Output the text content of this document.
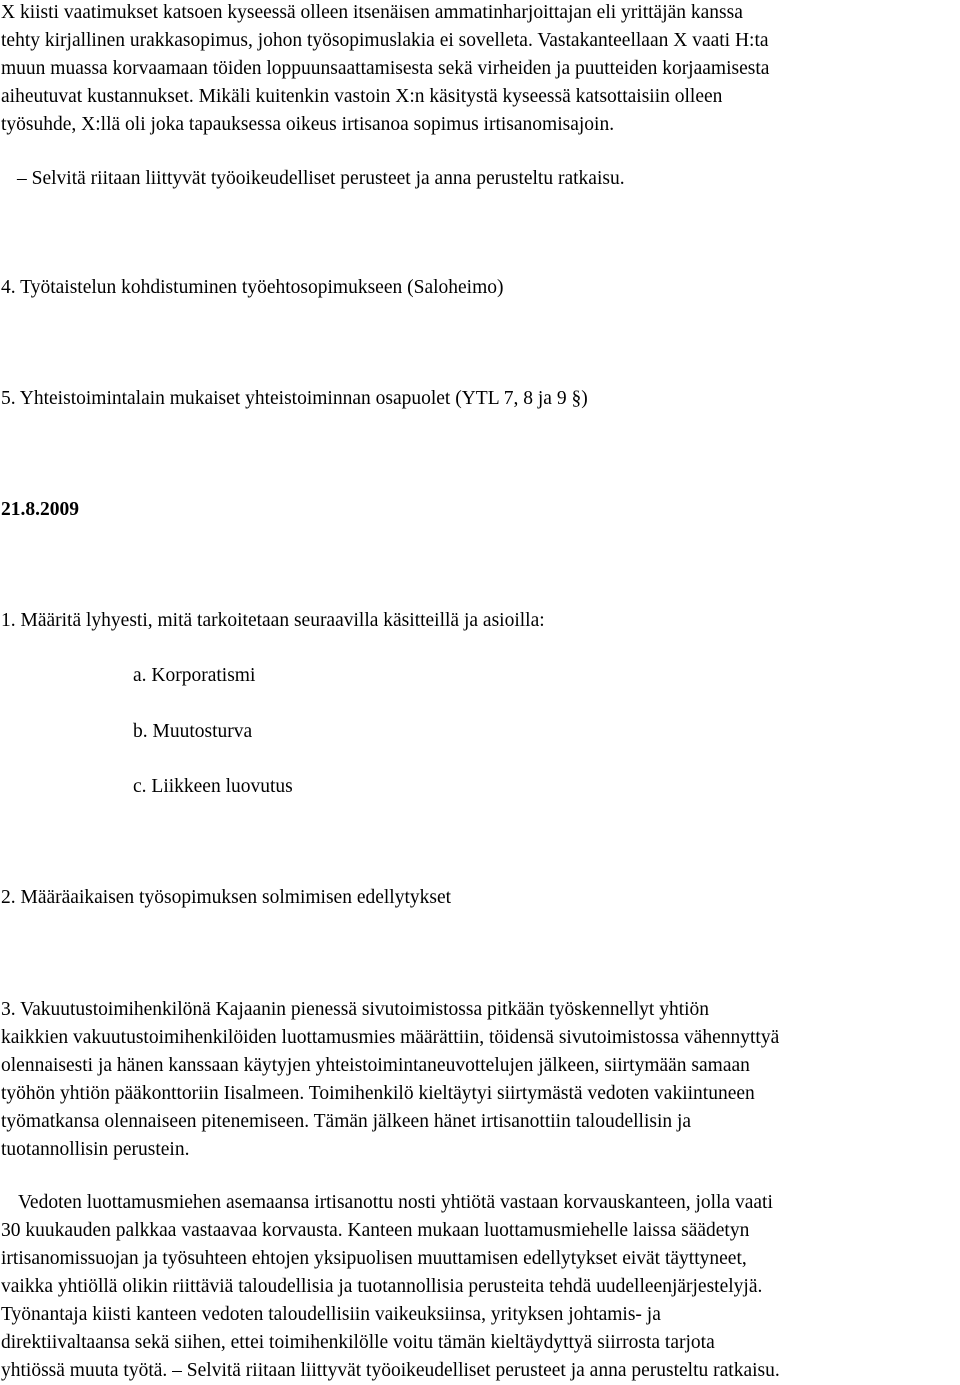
X kiisti vaatimukset katsoen kyseessä olleen itsenäisen ammatinharjoittajan eli yrittäjän kanssa
tehty kirjallinen urakkasopimus, johon työsopimuslakia ei sovelleta. Vastakanteellaan X vaati H:ta
muun muassa korvaamaan töiden loppuunsaattamisesta sekä virheiden ja puutteiden korjaamisesta
aiheutuvat kustannukset. Mikäli kuitenkin vastoin X:n käsitystä kyseessä katsottaisiin olleen
työsuhde, X:llä oli joka tapauksessa oikeus irtisanoa sopimus irtisanomisajoin.

– Selvitä riitaan liittyvät työoikeudelliset perusteet ja anna perusteltu ratkaisu.

4. Työtaistelun kohdistuminen työehtosopimukseen (Saloheimo)

5. Yhteistoimintalain mukaiset yhteistoiminnan osapuolet (YTL 7, 8 ja 9 §)

21.8.2009

1. Määritä lyhyesti, mitä tarkoitetaan seuraavilla käsitteillä ja asioilla:

a. Korporatismi

b. Muutosturva

c. Liikkeen luovutus

2. Määräaikaisen työsopimuksen solmimisen edellytykset

3. Vakuutustoimihenkilönä Kajaanin pienessä sivutoimistossa pitkään työskennellyt yhtiön
kaikkien vakuutustoimihenkilöiden luottamusmies määrättiin, töidensä sivutoimistossa vähennyttyä
olennaisesti ja hänen kanssaan käytyjen yhteistoimintaneuvottelujen jälkeen, siirtymään samaan
työhön yhtiön pääkonttoriin Iisalmeen. Toimihenkilö kieltäytyi siirtymästä vedoten vakiintuneen
työmatkansa olennaiseen pitenemiseen. Tämän jälkeen hänet irtisanottiin taloudellisin ja
tuotannollisin perustein.
Vedoten luottamusmiehen asemaansa irtisanottu nosti yhtiötä vastaan korvauskanteen, jolla vaati
30 kuukauden palkkaa vastaavaa korvausta. Kanteen mukaan luottamusmiehelle laissa säädetyn
irtisanomissuojan ja työsuhteen ehtojen yksipuolisen muuttamisen edellytykset eivät täyttyneet,
vaikka yhtiöllä olikin riittäviä taloudellisia ja tuotannollisia perusteita tehdä uudelleenjärjestelyjä.
Työnantaja kiisti kanteen vedoten taloudellisiin vaikeuksiinsa, yrityksen johtamis- ja
direktiivaltaansa sekä siihen, ettei toimihenkilölle voitu tämän kieltäydyttyä siirrosta tarjota
yhtiössä muuta työtä. – Selvitä riitaan liittyvät työoikeudelliset perusteet ja anna perusteltu ratkaisu.
